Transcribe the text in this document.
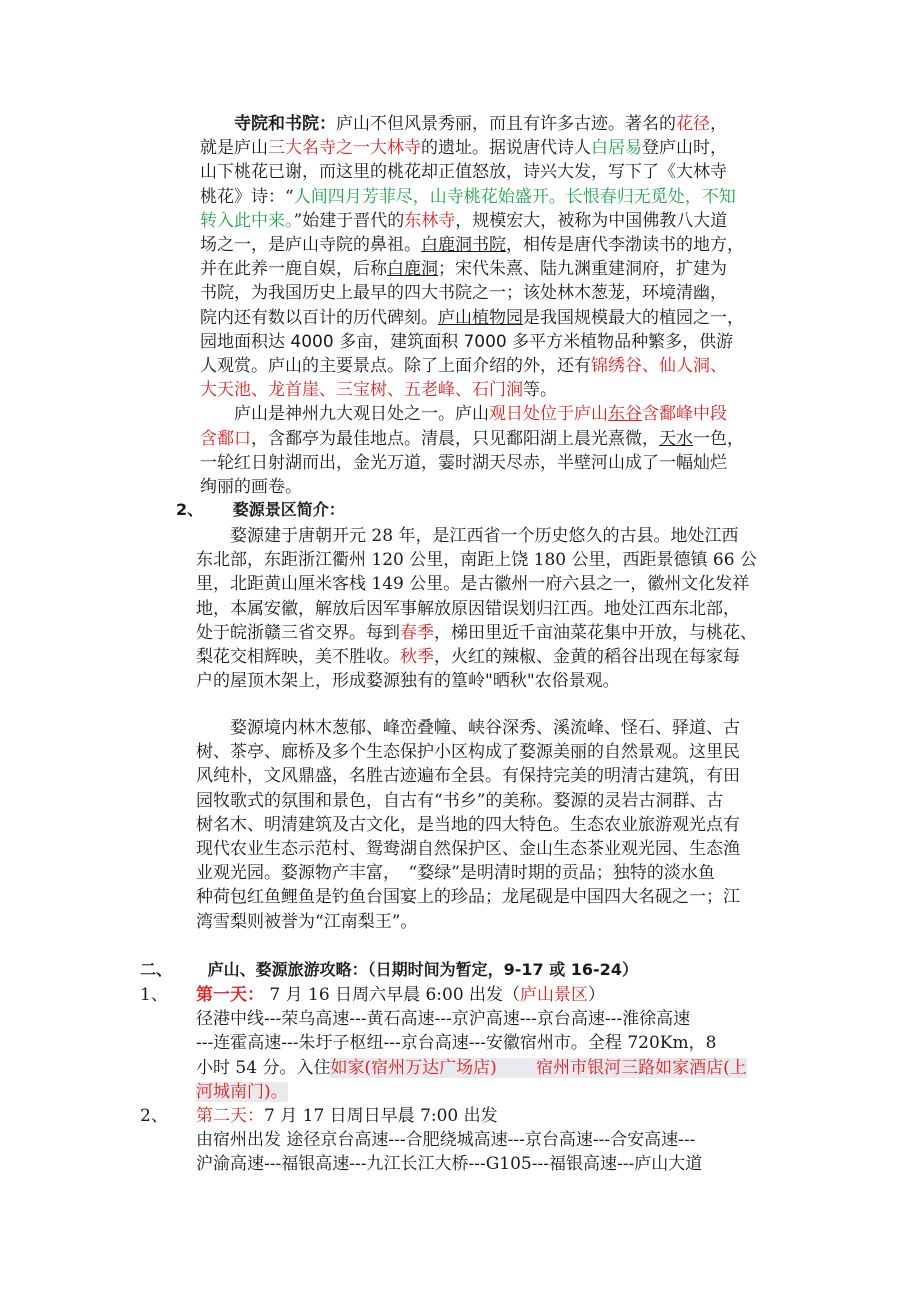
　　寺院和书院：庐山不但风景秀丽，而且有许多古迹。著名的花径，
就是庐山三大名寺之一大林寺的遗址。据说唐代诗人白居易登庐山时，
山下桃花已谢，而这里的桃花却正值怒放，诗兴大发，写下了《大林寺
桃花》诗：“人间四月芳菲尽，山寺桃花始盛开。长恨春归无觅处，不知
转入此中来。”始建于晋代的东林寺，规模宏大，被称为中国佛教八大道
场之一，是庐山寺院的鼻祖。白鹿洞书院，相传是唐代李渤读书的地方，
并在此养一鹿自娱，后称白鹿洞；宋代朱熹、陆九渊重建洞府，扩建为
书院，为我国历史上最早的四大书院之一；该处林木葱茏，环境清幽，
院内还有数以百计的历代碑刻。庐山植物园是我国规模最大的植园之一，
园地面积达 4000 多亩，建筑面积 7000 多平方米植物品种繁多，供游
人观赏。庐山的主要景点。除了上面介绍的外，还有锦绣谷、仙人洞、
大天池、龙首崖、三宝树、五老峰、石门涧等。
　　庐山是神州九大观日处之一。庐山观日处位于庐山东谷含鄱峰中段
含鄱口，含鄱亭为最佳地点。清晨，只见鄱阳湖上晨光熹微，天水一色，
一轮红日射湖而出，金光万道，霎时湖天尽赤，半壁河山成了一幅灿烂
绚丽的画卷。
2、 婺源景区简介：
　　婺源建于唐朝开元 28 年，是江西省一个历史悠久的古县。地处江西
东北部，东距浙江衢州 120 公里，南距上饶 180 公里，西距景德镇 66 公
里，北距黄山厘米客栈 149 公里。是古徽州一府六县之一，徽州文化发祥
地，本属安徽，解放后因军事解放原因错误划归江西。地处江西东北部，
处于皖浙赣三省交界。每到春季，梯田里近千亩油菜花集中开放，与桃花、
梨花交相辉映，美不胜收。秋季，火红的辣椒、金黄的稻谷出现在每家每
户的屋顶木架上，形成婺源独有的篁岭"晒秋"农俗景观。
　　婺源境内林木葱郁、峰峦叠幢、峡谷深秀、溪流峰、怪石、驿道、古
树、茶亭、廊桥及多个生态保护小区构成了婺源美丽的自然景观。这里民
风纯朴，文风鼎盛，名胜古迹遍布全县。有保持完美的明清古建筑，有田
园牧歌式的氛围和景色，自古有“书乡”的美称。婺源的灵岩古洞群、古
树名木、明清建筑及古文化，是当地的四大特色。生态农业旅游观光点有
现代农业生态示范村、鸳鸯湖自然保护区、金山生态茶业观光园、生态渔
业观光园。婺源物产丰富，　“婺绿”是明清时期的贡品；独特的淡水鱼
种荷包红鱼鲤鱼是钓鱼台国宴上的珍品；龙尾砚是中国四大名砚之一；江
湾雪梨则被誉为“江南梨王”。
二、 庐山、婺源旅游攻略：（日期时间为暂定，9-17 或 16-24）
1、 第一天： 7 月 16 日周六早晨 6:00 出发（庐山景区）
径港中线---荣乌高速---黄石高速---京沪高速---京台高速---淮徐高速
---连霍高速---朱圩子枢纽---京台高速---安徽宿州市。全程 720Km，8
小时 54 分。入住如家(宿州万达广场店)　　 宿州市银河三路如家酒店(上
河城南门)。
2、 第二天：7 月 17 日周日早晨 7:00 出发
由宿州出发 途径京台高速---合肥绕城高速---京台高速---合安高速---
沪渝高速---福银高速---九江长江大桥---G105---福银高速---庐山大道
